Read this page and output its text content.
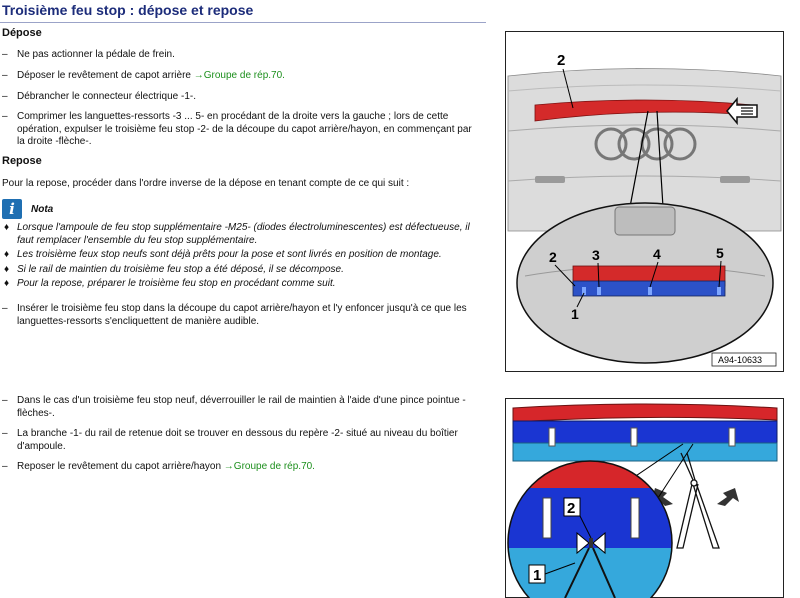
Troisième feu stop : dépose et repose
Dépose
– Ne pas actionner la pédale de frein.
– Déposer le revêtement de capot arrière →Groupe de rép.70.
– Débrancher le connecteur électrique -1-.
– Comprimer les languettes-ressorts -3 ... 5- en procédant de la droite vers la gauche ; lors de cette
opération, expulser le troisième feu stop -2- de la découpe du capot arrière/hayon, en commençant par
la droite -flèche-.
Repose
Pour la repose, procéder dans l'ordre inverse de la dépose en tenant compte de ce qui suit :
i	Nota
♦ Lorsque l'ampoule de feu stop supplémentaire -M25- (diodes électroluminescentes) est défectueuse, il
faut remplacer l'ensemble du feu stop supplémentaire.
♦ Les troisième feux stop neufs sont déjà prêts pour la pose et sont livrés en position de montage.
♦ Si le rail de maintien du troisième feu stop a été déposé, il se décompose.
♦ Pour la repose, préparer le troisième feu stop en procédant comme suit.
– Insérer le troisième feu stop dans la découpe du capot arrière/hayon et l'y enfoncer jusqu'à ce que les
languettes-ressorts s'encliquettent de manière audible.
– Dans le cas d'un troisième feu stop neuf, déverrouiller le rail de maintien à l'aide d'une pince pointue -
flèches-.
– La branche -1- du rail de retenue doit se trouver en dessous du repère -2- situé au niveau du boîtier
d'ampoule.
– Reposer le revêtement du capot arrière/hayon →Groupe de rép.70.
2
2	3	4	5
1
A94-10633
2
1
